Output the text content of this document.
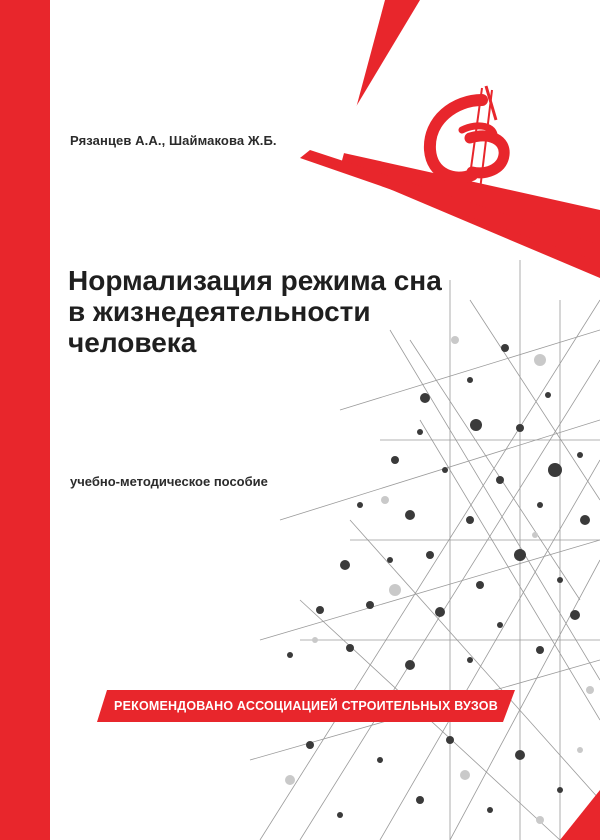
Рязанцев А.А., Шаймакова Ж.Б.
Нормализация режима сна
в жизнедеятельности
человека
учебно-методическое пособие
РЕКОМЕНДОВАНО АССОЦИАЦИЕЙ СТРОИТЕЛЬНЫХ ВУЗОВ
